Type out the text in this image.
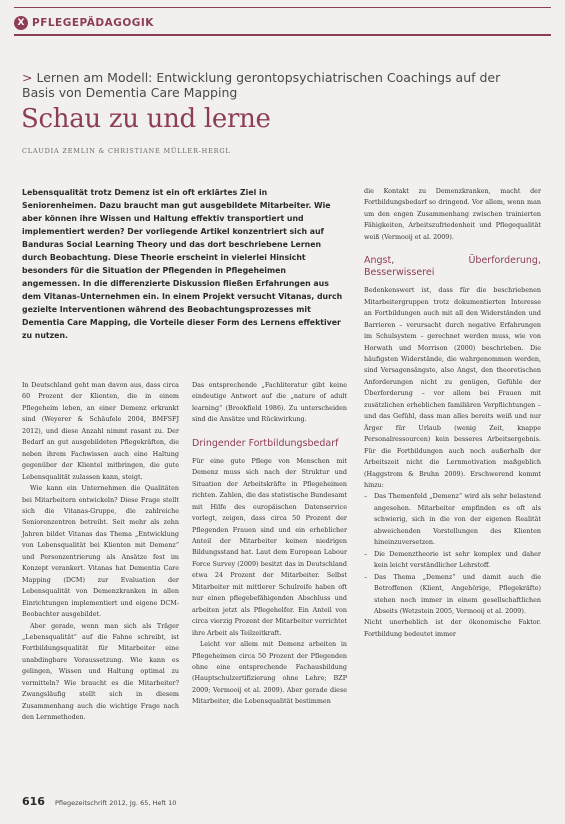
X PFLEGEPÄDAGOGIK
> Lernen am Modell: Entwicklung gerontopsychiatrischen Coachings auf der Basis von Dementia Care Mapping
Schau zu und lerne
CLAUDIA ZEMLIN & CHRISTIANE MÜLLER-HERGL
Lebensqualität trotz Demenz ist ein oft erklärtes Ziel in Seniorenheimen. Dazu braucht man gut ausgebildete Mitarbeiter. Wie aber können ihre Wissen und Haltung effektiv transportiert und implementiert werden? Der vorliegende Artikel konzentriert sich auf Banduras Social Learning Theory und das dort beschriebene Lernen durch Beobachtung. Diese Theorie erscheint in vielerlei Hinsicht besonders für die Situation der Pflegenden in Pflegeheimen angemessen. In die differenzierte Diskussion fließen Erfahrungen aus dem Vitanas-Unternehmen ein. In einem Projekt versucht Vitanas, durch gezielte Interventionen während des Beobachtungsprozesses mit Dementia Care Mapping, die Vorteile dieser Form des Lernens effektiver zu nutzen.

In Deutschland geht man davon aus, dass circa 60 Prozent der Klienten, die in einem Pflegeheim leben, an einer Demenz erkrankt sind (Weyerer & Schäufele 2004, BMFSFJ 2012), und diese Anzahl nimmt rasant zu. Der Bedarf an gut ausgebildeten Pflegekräften, die neben ihrem Fachwissen auch eine Haltung gegenüber der Klientel mitbringen, die gute Lebensqualität zulassen kann, steigt.

Wie kann ein Unternehmen die Qualitäten bei Mitarbeitern entwickeln? Diese Frage stellt sich die Vitanas-Gruppe, die zahlreiche Seniorenzentren betreibt. Seit mehr als zehn Jahren bildet Vitanas das Thema „Entwicklung von Lebensqualität bei Klienten mit Demenz“ und Personzentrierung als Ansätze fest im Konzept verankert. Vitanas hat Dementia Care Mapping (DCM) zur Evaluation der Lebensqualität von Demenzkranken in allen Einrichtungen implementiert und eigene DCM-Beobachter ausgebildet.

Aber gerade, wenn man sich als Träger „Lebensqualität“ auf die Fahne schreibt, ist Fortbildungsqualität für Mitarbeiter eine unabdingbare Voraussetzung. Wie kann es gelingen, Wissen und Haltung optimal zu vermitteln? Wie braucht es die Mitarbeiter? Zwangsläufig stellt sich in diesem Zusammenhang auch die wichtige Frage nach den Lernmethoden.

Das entsprechende „Fachliteratur gibt keine eindeutige Antwort auf die „nature of adult learning“ (Brookfield 1986). Zu unterscheiden sind die Ansätze und Rückwirkung.

Dringender Fortbildungsbedarf

Für eine gute Pflege von Menschen mit Demenz muss sich nach der Struktur und Situation der Arbeitskräfte in Pflegeheimen richten. Zahlen, die das statistische Bundesamt mit Hilfe des europäischen Datenservice vorlegt, zeigen, dass circa 50 Prozent der Pflegenden Frauen sind und ein erheblicher Anteil der Mitarbeiter keinen niedrigen Bildungsstand hat. Laut dem European Labour Force Survey (2009) besitzt das in Deutschland etwa 24 Prozent der Mitarbeiter. Selbst Mitarbeiter mit mittlerer Schulreife haben oft nur einen pflegebefähigenden Abschluss und arbeiten jetzt als Pflegehelfer. Ein Anteil von circa vierzig Prozent der Mitarbeiter verrichtet ihre Arbeit als Teilzeitkraft.

Leicht vor allem mit Demenz arbeiten in Pflegeheimen circa 50 Prozent der Pflegenden ohne eine entsprechende Fachausbildung (Hauptschulzertifizierung ohne Lehre; BZP 2009; Vermooij et al. 2009). Aber gerade diese Mitarbeiter, die Lebensqualität bestimmen

die Kontakt zu Demenzkranken, macht der Fortbildungsbedarf so dringend. Vor allem, wenn man um den engen Zusammenhang zwischen trainierten Fähigkeiten, Arbeitszufriedenheit und Pflegequalität weiß (Vermooij et al. 2009).

Angst, Überforderung, Besserwisserei

Bedenkenswert ist, dass für die beschriebenen Mitarbeitergruppen trotz dokumentierten Interesse an Fortbildungen auch mit all den Widerständen und Barrieren – verursacht durch negative Erfahrungen im Schulsystem – gerechnet werden muss, wie von Horwath und Morrison (2000) beschrieben. Die häufigsten Widerstände, die wahrgenommen werden, sind Versagensängste, also Angst, den theoretischen Anforderungen nicht zu genügen, Gefühle der Überforderung – vor allem bei Frauen mit zusätzlichen erheblichen familiären Verpflichtungen – und das Gefühl, dass man alles bereits weiß und nur Ärger für Urlaub (wenig Zeit, knappe Personalressourcen) kein besseres Arbeitsergebnis. Für die Fortbildungen auch noch außerhalb der Arbeitszeit nicht die Lernmotivation maßgeblich (Haggstrom & Bruhn 2009). Erschwerend kommt hinzu:

– Das Themenfeld „Demenz“ wird als sehr belastend angesehen. Mitarbeiter empfinden es oft als schwierig, sich in die von der eigenen Realität abweichenden Vorstellungen des Klienten hineinzuversetzen.
– Die Demenztheorie ist sehr komplex und daher kein leicht verständlicher Lehrstoff.
– Das Thema „Demenz“ und damit auch die Betroffenen (Klient, Angehörige, Pflegekräfte) stehen noch immer in einem gesellschaftlichen Abseits (Wetzstein 2005, Vermooij et al. 2009).

Nicht unerheblich ist der ökonomische Faktor. Fortbildung bedeutet immer

616 Pflegezeitschrift 2012, Jg. 65, Heft 10
